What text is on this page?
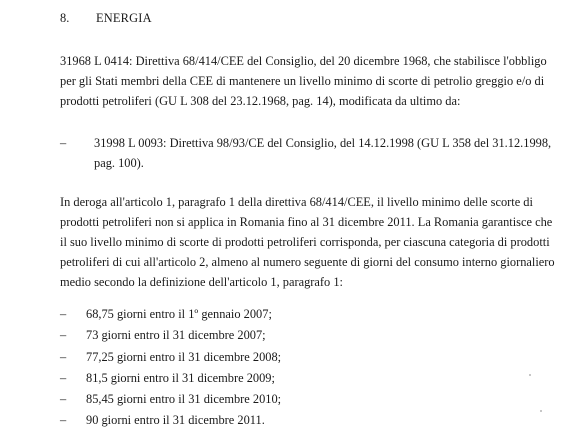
8. ENERGIA
31968 L 0414: Direttiva 68/414/CEE del Consiglio, del 20 dicembre 1968, che stabilisce l'obbligo
per gli Stati membri della CEE di mantenere un livello minimo di scorte di petrolio greggio e/o di
prodotti petroliferi (GU L 308 del 23.12.1968, pag. 14), modificata da ultimo da:
– 31998 L 0093: Direttiva 98/93/CE del Consiglio, del 14.12.1998 (GU L 358 del 31.12.1998,
pag. 100).
In deroga all'articolo 1, paragrafo 1 della direttiva 68/414/CEE, il livello minimo delle scorte di
prodotti petroliferi non si applica in Romania fino al 31 dicembre 2011. La Romania garantisce che
il suo livello minimo di scorte di prodotti petroliferi corrisponda, per ciascuna categoria di prodotti
petroliferi di cui all'articolo 2, almeno al numero seguente di giorni del consumo interno giornaliero
medio secondo la definizione dell'articolo 1, paragrafo 1:
– 68,75 giorni entro il 1º gennaio 2007;
– 73 giorni entro il 31 dicembre 2007;
– 77,25 giorni entro il 31 dicembre 2008;
– 81,5 giorni entro il 31 dicembre 2009;
– 85,45 giorni entro il 31 dicembre 2010;
– 90 giorni entro il 31 dicembre 2011.
